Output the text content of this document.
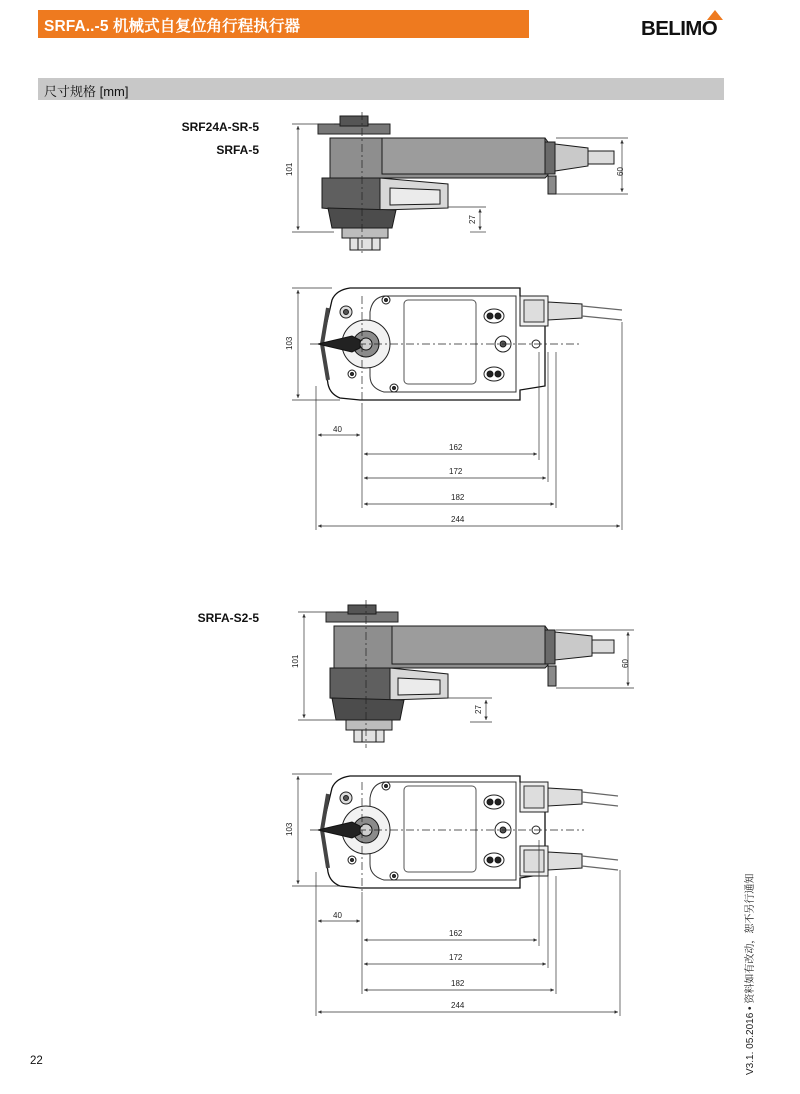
SRFA..-5 机械式自复位角行程执行器	BELIMO
尺寸规格 [mm]
SRF24A-SR-5
SRFA-5
SRFA-S2-5
101	60
27
103
40
162
172
182
244
101	60
27
103
40
162
172
182
244
22	V3.1. 05.2016 • 资料如有改动，恕不另行通知
